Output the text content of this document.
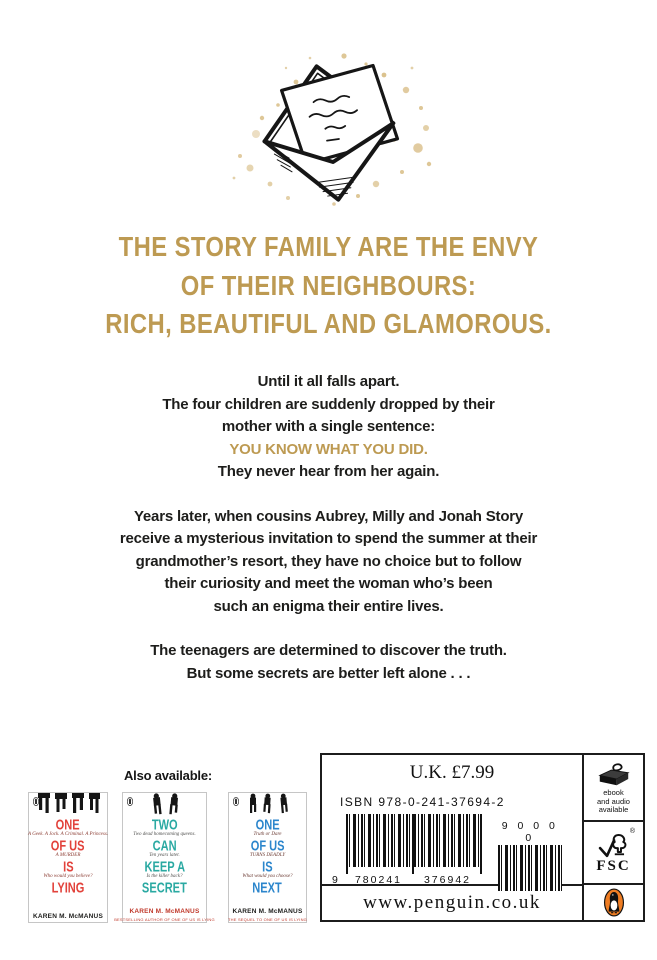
THE STORY FAMILY ARE THE ENVY
OF THEIR NEIGHBOURS:
RICH, BEAUTIFUL AND GLAMOROUS.
Until it all falls apart.
The four children are suddenly dropped by their
mother with a single sentence:
YOU KNOW WHAT YOU DID.
They never hear from her again.
Years later, when cousins Aubrey, Milly and Jonah Story
receive a mysterious invitation to spend the summer at their
grandmother’s resort, they have no choice but to follow
their curiosity and meet the woman who’s been
such an enigma their entire lives.
The teenagers are determined to discover the truth.
But some secrets are better left alone . . .
Also available:
ONE
A Geek. A Jock. A Criminal. A Princess.
OF US
A MURDER
IS
Who would you believe?
LYING
KAREN M. McMANUS
TWO
Two dead homecoming queens.
CAN
Ten years later.
KEEP A
Is the killer back?
SECRET
KAREN M. McMANUS
BESTSELLING AUTHOR OF ONE OF US IS LYING
ONE
Truth or Dare
OF US
TURNS DEADLY
IS
What would you choose?
NEXT
KAREN M. McMANUS
THE SEQUEL TO ONE OF US IS LYING
U.K. £7.99
ISBN 978-0-241-37694-2
9	780241	376942
9 0 0 0 0
www.penguin.co.uk
ebook
and audio
available
®
FSC
